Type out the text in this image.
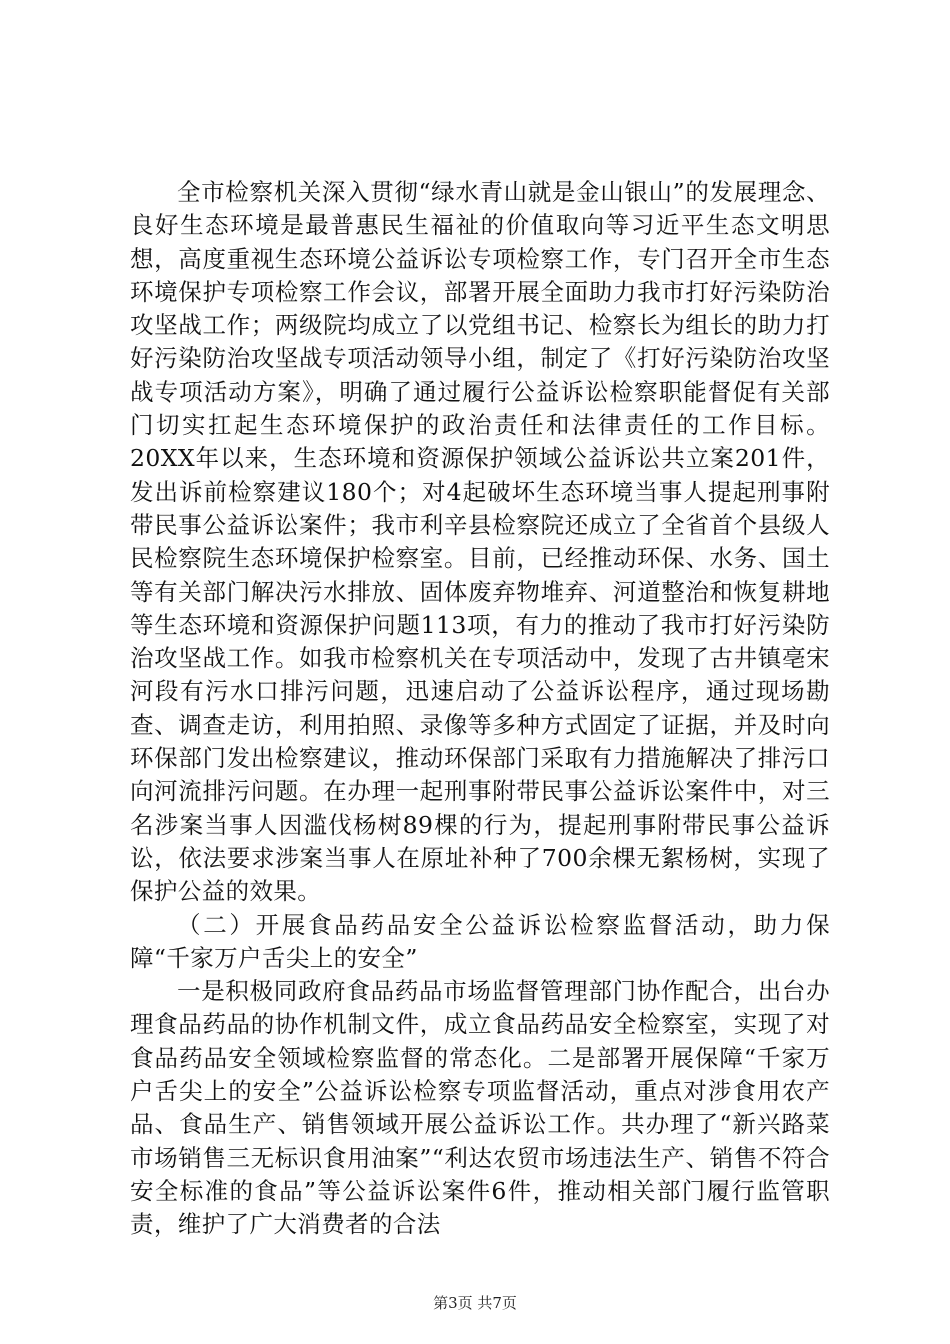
全市检察机关深入贯彻“绿水青山就是金山银山”的发展理念、良好生态环境是最普惠民生福祉的价值取向等习近平生态文明思想，高度重视生态环境公益诉讼专项检察工作，专门召开全市生态环境保护专项检察工作会议，部署开展全面助力我市打好污染防治攻坚战工作；两级院均成立了以党组书记、检察长为组长的助力打好污染防治攻坚战专项活动领导小组，制定了《打好污染防治攻坚战专项活动方案》，明确了通过履行公益诉讼检察职能督促有关部门切实扛起生态环境保护的政治责任和法律责任的工作目标。20XX年以来，生态环境和资源保护领域公益诉讼共立案201件，发出诉前检察建议180个；对4起破坏生态环境当事人提起刑事附带民事公益诉讼案件；我市利辛县检察院还成立了全省首个县级人民检察院生态环境保护检察室。目前，已经推动环保、水务、国土等有关部门解决污水排放、固体废弃物堆弃、河道整治和恢复耕地等生态环境和资源保护问题113项，有力的推动了我市打好污染防治攻坚战工作。如我市检察机关在专项活动中，发现了古井镇亳宋河段有污水口排污问题，迅速启动了公益诉讼程序，通过现场勘查、调查走访，利用拍照、录像等多种方式固定了证据，并及时向环保部门发出检察建议，推动环保部门采取有力措施解决了排污口向河流排污问题。在办理一起刑事附带民事公益诉讼案件中，对三名涉案当事人因滥伐杨树89棵的行为，提起刑事附带民事公益诉讼，依法要求涉案当事人在原址补种了700余棵无絮杨树，实现了保护公益的效果。

（二）开展食品药品安全公益诉讼检察监督活动，助力保障“千家万户舌尖上的安全”

一是积极同政府食品药品市场监督管理部门协作配合，出台办理食品药品的协作机制文件，成立食品药品安全检察室，实现了对食品药品安全领域检察监督的常态化。二是部署开展保障“千家万户舌尖上的安全”公益诉讼检察专项监督活动，重点对涉食用农产品、食品生产、销售领域开展公益诉讼工作。共办理了“新兴路菜市场销售三无标识食用油案”“利达农贸市场违法生产、销售不符合安全标准的食品”等公益诉讼案件6件，推动相关部门履行监管职责，维护了广大消费者的合法

第3页 共7页
